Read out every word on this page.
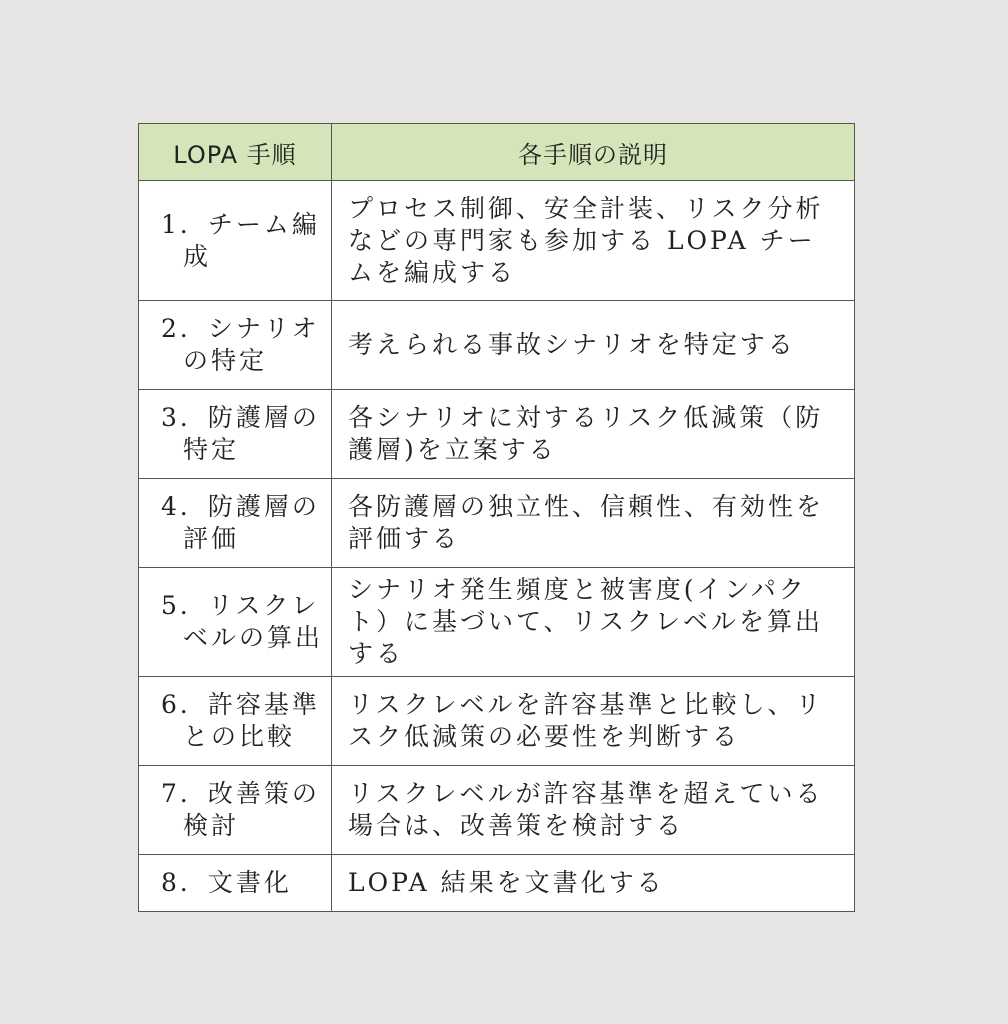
LOPA 手順	各手順の説明

1．チーム編成	プロセス制御、安全計装、リスク分析などの専門家も参加する LOPA チームを編成する

2．シナリオの特定	考えられる事故シナリオを特定する

3．防護層の特定	各シナリオに対するリスク低減策（防護層)を立案する

4．防護層の評価	各防護層の独立性、信頼性、有効性を評価する

5．リスクレベルの算出	シナリオ発生頻度と被害度(インパクト）に基づいて、リスクレベルを算出する

6．許容基準との比較	リスクレベルを許容基準と比較し、リスク低減策の必要性を判断する

7．改善策の検討	リスクレベルが許容基準を超えている場合は、改善策を検討する

8．文書化	LOPA 結果を文書化する
